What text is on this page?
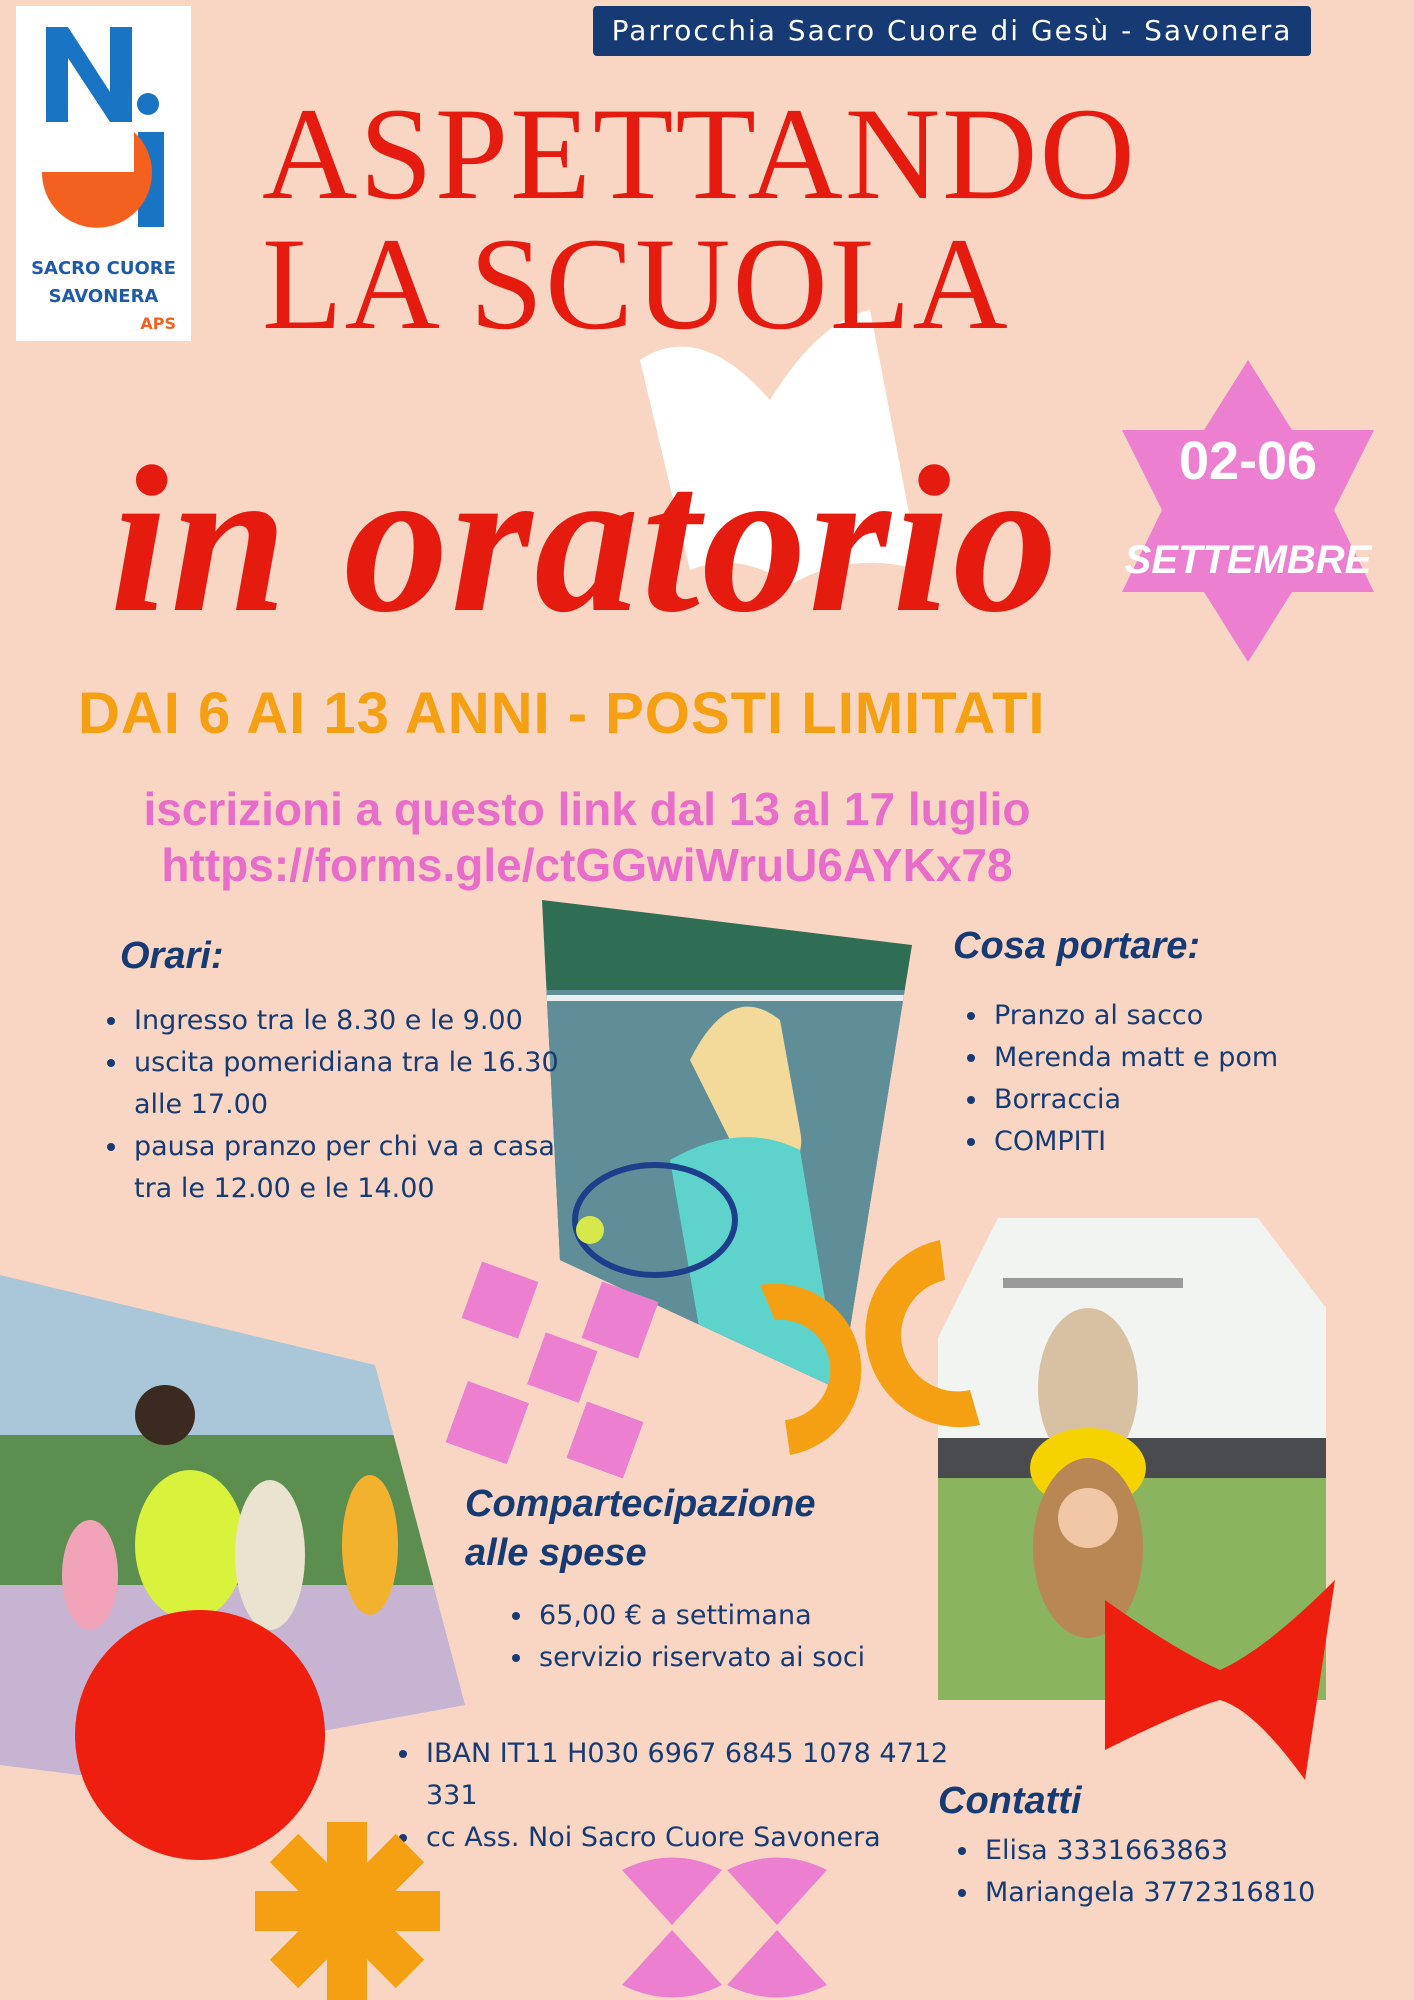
SACRO CUORE
SAVONERA
APS
Parrocchia Sacro Cuore di Gesù - Savonera
ASPETTANDO
LA SCUOLA
in oratorio	02-06
SETTEMBRE
DAI 6 AI 13 ANNI - POSTI LIMITATI
iscrizioni a questo link dal 13 al 17 luglio
https://forms.gle/ctGGwiWruU6AYKx78
Orari:
• Ingresso tra le 8.30 e le 9.00
• uscita pomeridiana tra le 16.30 alle 17.00
• pausa pranzo per chi va a casa tra le 12.00 e le 14.00
Cosa portare:
• Pranzo al sacco
• Merenda matt e pom
• Borraccia
• COMPITI
Compartecipazione
alle spese
• 65,00 € a settimana
• servizio riservato ai soci
• IBAN IT11 H030 6967 6845 1078 4712 331
• cc Ass. Noi Sacro Cuore Savonera
Contatti
• Elisa 3331663863
• Mariangela 3772316810
